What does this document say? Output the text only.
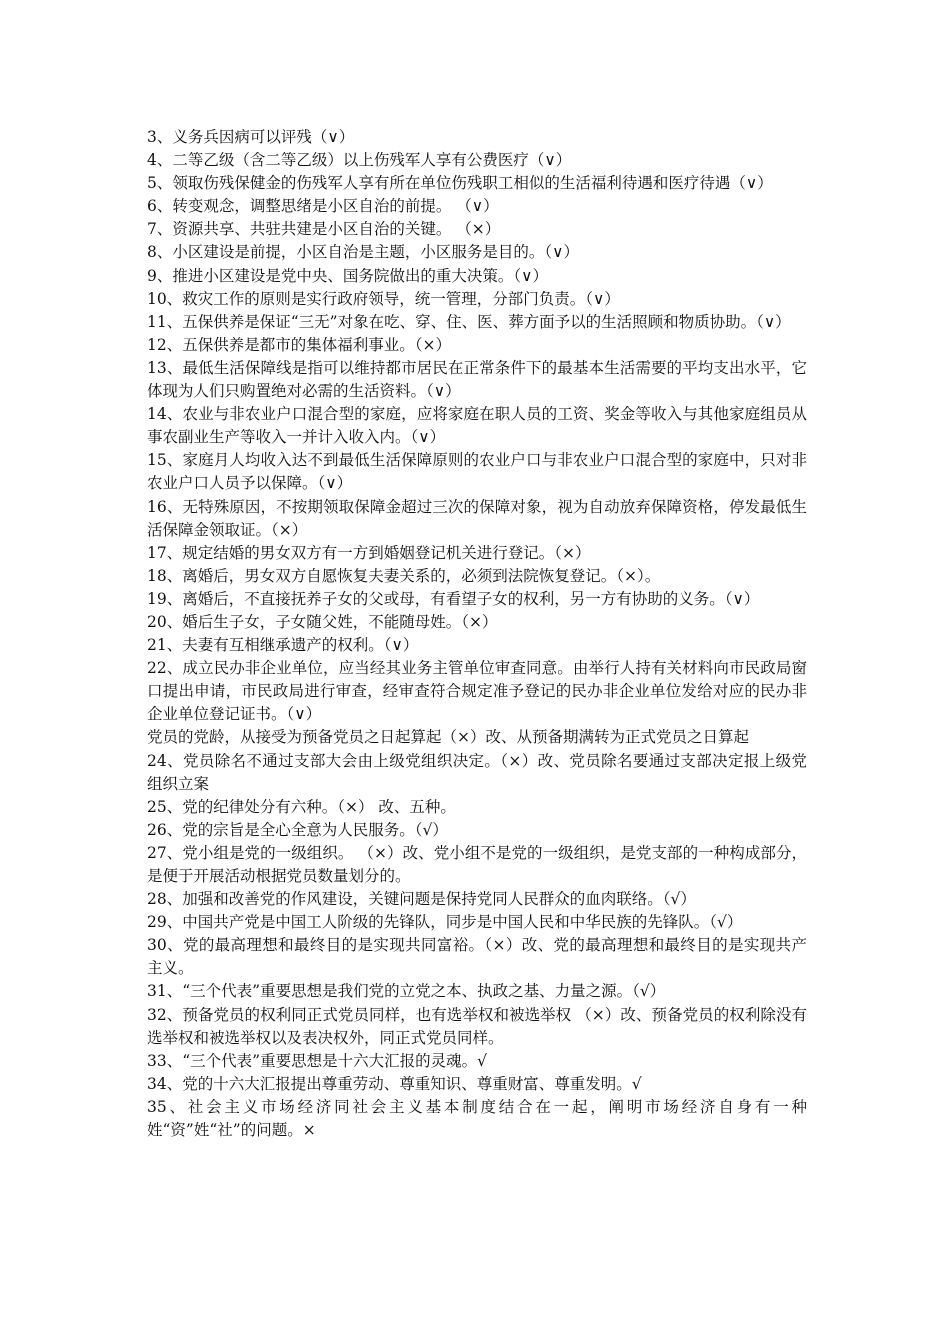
3、义务兵因病可以评残（∨）

4、二等乙级（含二等乙级）以上伤残军人享有公费医疗（∨）

5、领取伤残保健金的伤残军人享有所在单位伤残职工相似的生活福利待遇和医疗待遇（∨）

6、转变观念，调整思绪是小区自治的前提。 （∨）

7、资源共享、共驻共建是小区自治的关键。 （×）

8、小区建设是前提，小区自治是主题，小区服务是目的。（∨）

9、推进小区建设是党中央、国务院做出的重大决策。（∨）

10、救灾工作的原则是实行政府领导，统一管理，分部门负责。（∨）

11、五保供养是保证“三无”对象在吃、穿、住、医、葬方面予以的生活照顾和物质协助。（∨）

12、五保供养是都市的集体福利事业。（×）

13、最低生活保障线是指可以维持都市居民在正常条件下的最基本生活需要的平均支出水平，它体现为人们只购置绝对必需的生活资料。（∨）

14、农业与非农业户口混合型的家庭，应将家庭在职人员的工资、奖金等收入与其他家庭组员从事农副业生产等收入一并计入收入内。（∨）

15、家庭月人均收入达不到最低生活保障原则的农业户口与非农业户口混合型的家庭中，只对非农业户口人员予以保障。（∨）

16、无特殊原因，不按期领取保障金超过三次的保障对象，视为自动放弃保障资格，停发最低生活保障金领取证。（×）

17、规定结婚的男女双方有一方到婚姻登记机关进行登记。（×）

18、离婚后，男女双方自愿恢复夫妻关系的，必须到法院恢复登记。（×）。

19、离婚后，不直接抚养子女的父或母，有看望子女的权利，另一方有协助的义务。（∨）

20、婚后生子女，子女随父姓，不能随母姓。（×）

21、夫妻有互相继承遗产的权利。（∨）

22、成立民办非企业单位，应当经其业务主管单位审查同意。由举行人持有关材料向市民政局窗口提出申请，市民政局进行审查，经审查符合规定准予登记的民办非企业单位发给对应的民办非企业单位登记证书。（∨）

党员的党龄，从接受为预备党员之日起算起（×）改、从预备期满转为正式党员之日算起

24、党员除名不通过支部大会由上级党组织决定。（×）改、党员除名要通过支部决定报上级党组织立案

25、党的纪律处分有六种。（×） 改、五种。

26、党的宗旨是全心全意为人民服务。（√）

27、党小组是党的一级组织。 （×）改、党小组不是党的一级组织，是党支部的一种构成部分，是便于开展活动根据党员数量划分的。

28、加强和改善党的作风建设，关键问题是保持党同人民群众的血肉联络。（√）

29、中国共产党是中国工人阶级的先锋队，同步是中国人民和中华民族的先锋队。（√）

30、党的最高理想和最终目的是实现共同富裕。（×）改、党的最高理想和最终目的是实现共产主义。

31、“三个代表”重要思想是我们党的立党之本、执政之基、力量之源。（√）

32、预备党员的权利同正式党员同样，也有选举权和被选举权 （×）改、预备党员的权利除没有选举权和被选举权以及表决权外，同正式党员同样。

33、“三个代表”重要思想是十六大汇报的灵魂。√

34、党的十六大汇报提出尊重劳动、尊重知识、尊重财富、尊重发明。√

35、社会主义市场经济同社会主义基本制度结合在一起，阐明市场经济自身有一种姓“资”姓“社”的问题。×
